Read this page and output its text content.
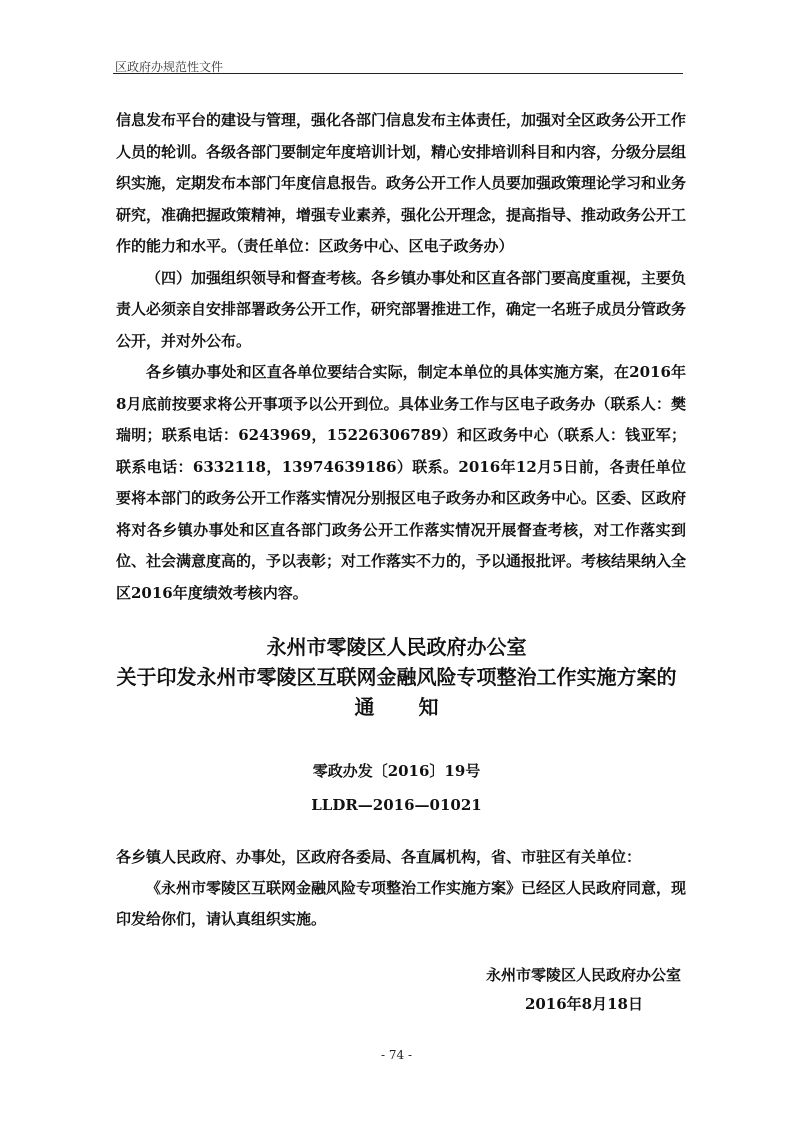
区政府办规范性文件

信息发布平台的建设与管理，强化各部门信息发布主体责任，加强对全区政务公开工作人员的轮训。各级各部门要制定年度培训计划，精心安排培训科目和内容，分级分层组织实施，定期发布本部门年度信息报告。政务公开工作人员要加强政策理论学习和业务研究，准确把握政策精神，增强专业素养，强化公开理念，提高指导、推动政务公开工作的能力和水平。（责任单位：区政务中心、区电子政务办）

（四）加强组织领导和督查考核。各乡镇办事处和区直各部门要高度重视，主要负责人必须亲自安排部署政务公开工作，研究部署推进工作，确定一名班子成员分管政务公开，并对外公布。

各乡镇办事处和区直各单位要结合实际，制定本单位的具体实施方案，在2016年8月底前按要求将公开事项予以公开到位。具体业务工作与区电子政务办（联系人：樊瑞明；联系电话：6243969，15226306789）和区政务中心（联系人：钱亚军；联系电话：6332118，13974639186）联系。2016年12月5日前，各责任单位要将本部门的政务公开工作落实情况分别报区电子政务办和区政务中心。区委、区政府将对各乡镇办事处和区直各部门政务公开工作落实情况开展督查考核，对工作落实到位、社会满意度高的，予以表彰；对工作落实不力的，予以通报批评。考核结果纳入全区2016年度绩效考核内容。

永州市零陵区人民政府办公室
关于印发永州市零陵区互联网金融风险专项整治工作实施方案的
通知
零政办发〔2016〕19号
LLDR—2016—01021

各乡镇人民政府、办事处，区政府各委局、各直属机构，省、市驻区有关单位：

《永州市零陵区互联网金融风险专项整治工作实施方案》已经区人民政府同意，现印发给你们，请认真组织实施。

永州市零陵区人民政府办公室
2016年8月18日
- 74 -
